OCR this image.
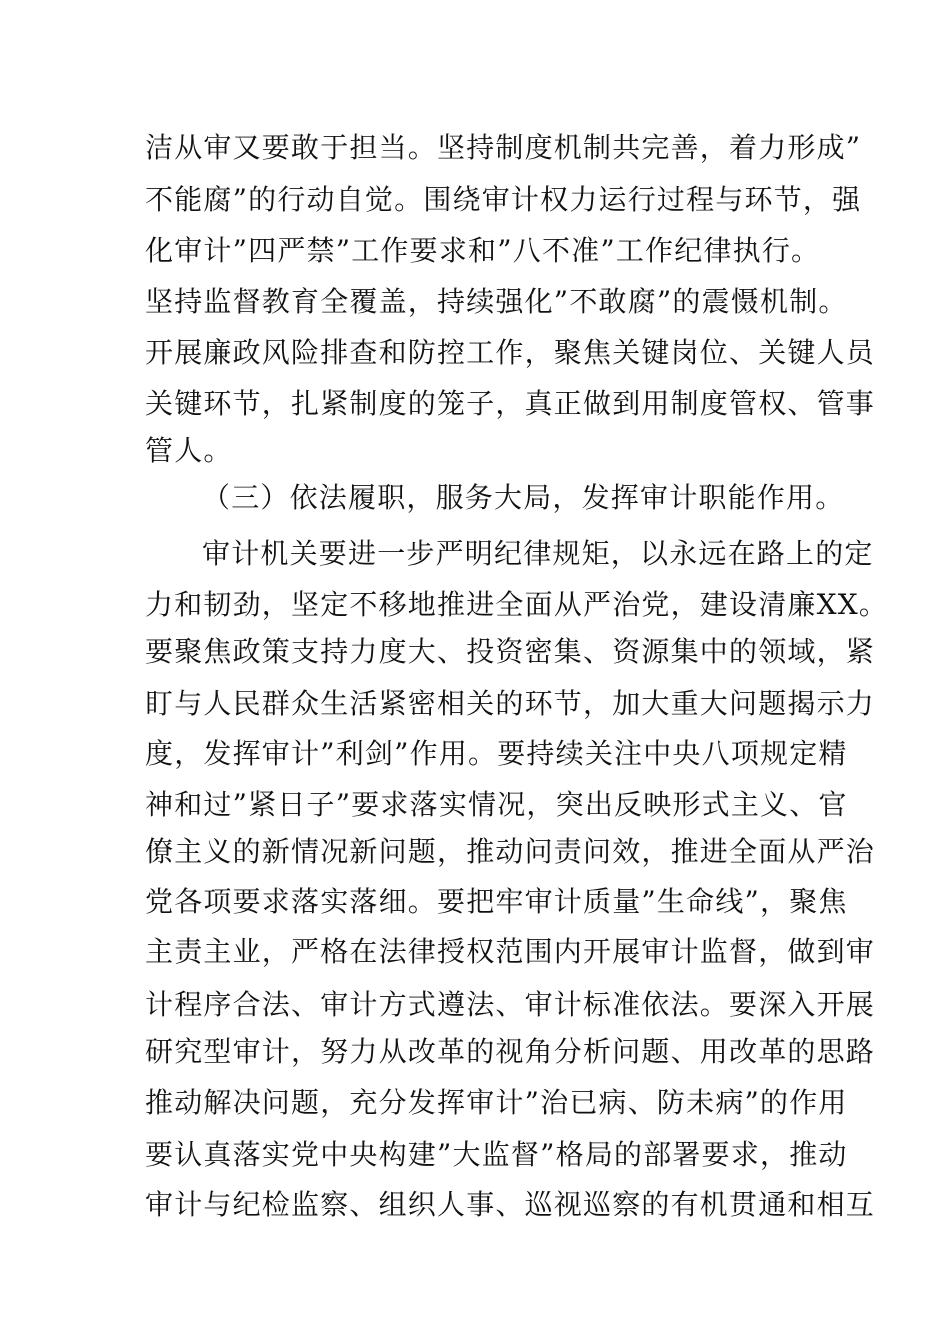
洁从审又要敢于担当。坚持制度机制共完善，着力形成”
不能腐”的行动自觉。围绕审计权力运行过程与环节，强
化审计”四严禁”工作要求和”八不准”工作纪律执行。
坚持监督教育全覆盖，持续强化”不敢腐”的震慑机制。
开展廉政风险排查和防控工作，聚焦关键岗位、关键人员
关键环节，扎紧制度的笼子，真正做到用制度管权、管事
管人。
（三）依法履职，服务大局，发挥审计职能作用。
审计机关要进一步严明纪律规矩，以永远在路上的定
力和韧劲，坚定不移地推进全面从严治党，建设清廉XX。
要聚焦政策支持力度大、投资密集、资源集中的领域，紧
盯与人民群众生活紧密相关的环节，加大重大问题揭示力
度，发挥审计”利剑”作用。要持续关注中央八项规定精
神和过”紧日子”要求落实情况，突出反映形式主义、官
僚主义的新情况新问题，推动问责问效，推进全面从严治
党各项要求落实落细。要把牢审计质量”生命线”，聚焦
主责主业，严格在法律授权范围内开展审计监督，做到审
计程序合法、审计方式遵法、审计标准依法。要深入开展
研究型审计，努力从改革的视角分析问题、用改革的思路
推动解决问题，充分发挥审计”治已病、防未病”的作用
要认真落实党中央构建”大监督”格局的部署要求，推动
审计与纪检监察、组织人事、巡视巡察的有机贯通和相互
